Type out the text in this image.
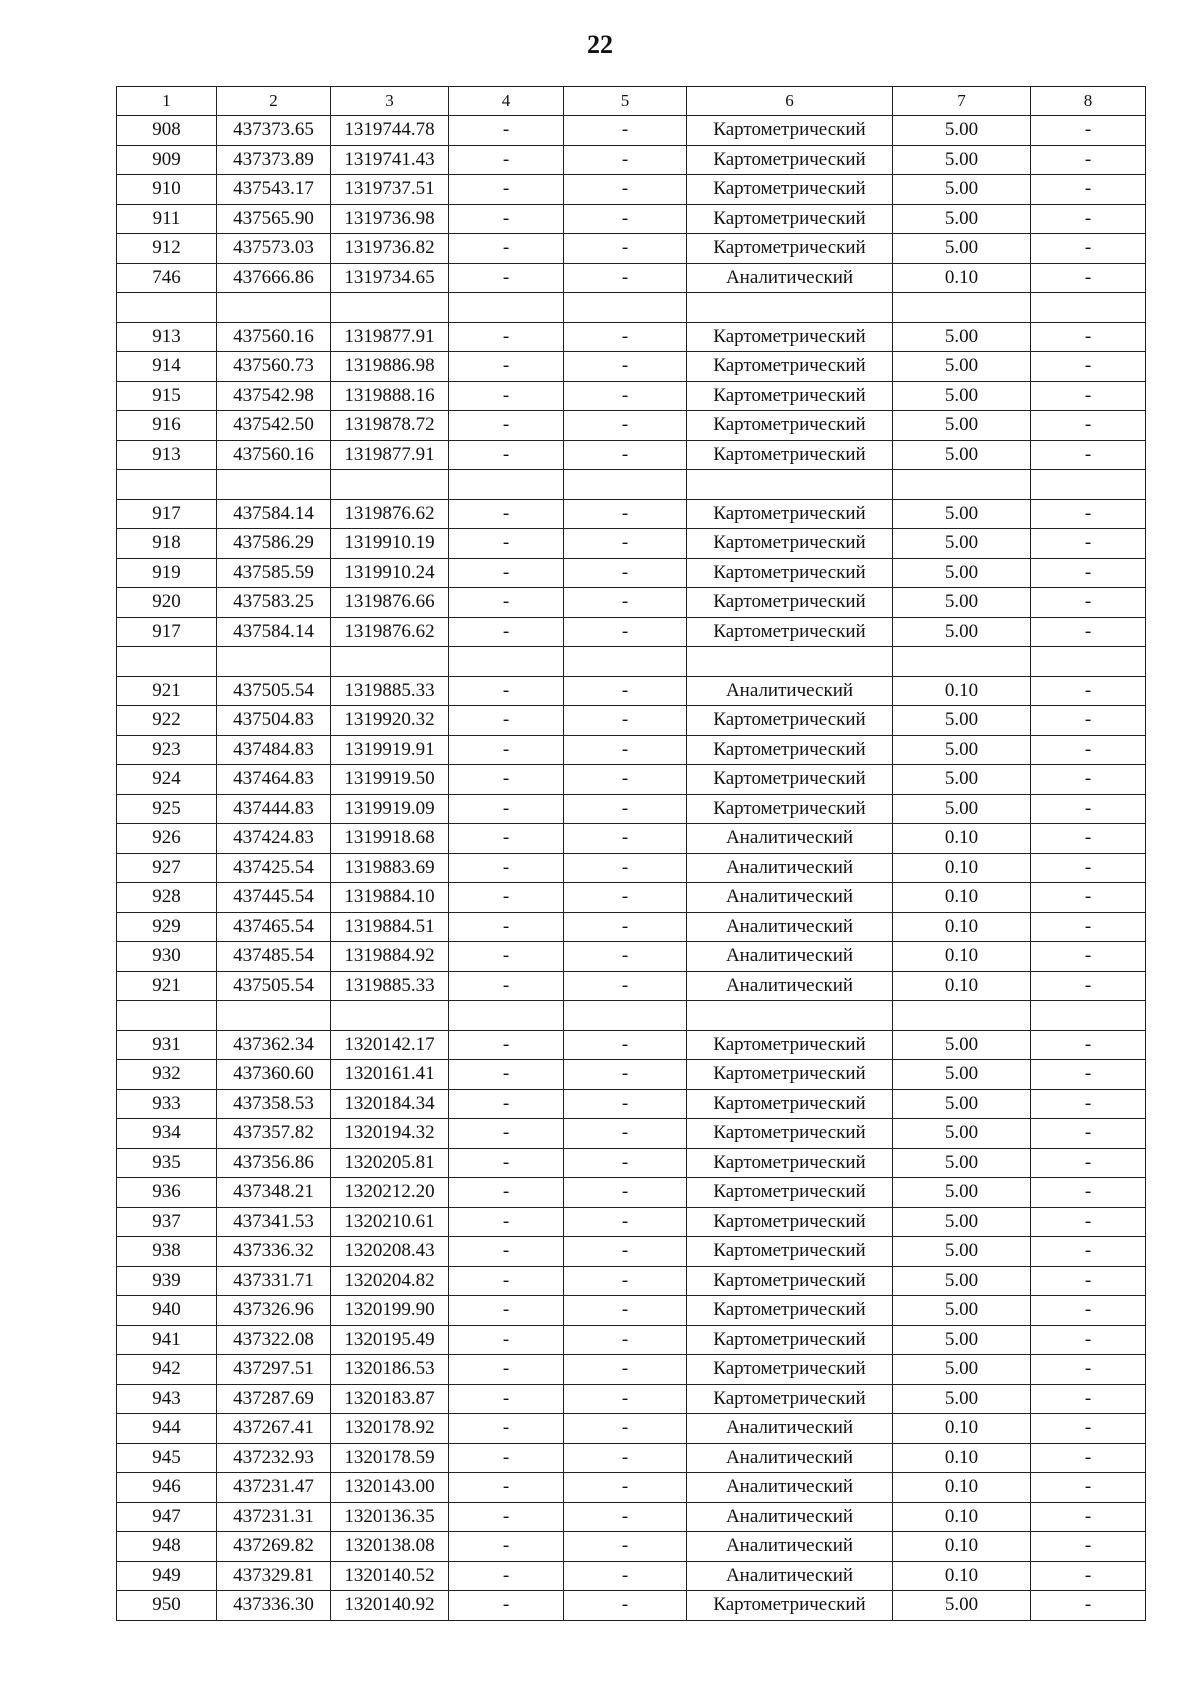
22
1	2	3	4	5	6	7	8
908	437373.65	1319744.78	-	-	Картометрический	5.00	-
909	437373.89	1319741.43	-	-	Картометрический	5.00	-
910	437543.17	1319737.51	-	-	Картометрический	5.00	-
911	437565.90	1319736.98	-	-	Картометрический	5.00	-
912	437573.03	1319736.82	-	-	Картометрический	5.00	-
746	437666.86	1319734.65	-	-	Аналитический	0.10	-

913	437560.16	1319877.91	-	-	Картометрический	5.00	-
914	437560.73	1319886.98	-	-	Картометрический	5.00	-
915	437542.98	1319888.16	-	-	Картометрический	5.00	-
916	437542.50	1319878.72	-	-	Картометрический	5.00	-
913	437560.16	1319877.91	-	-	Картометрический	5.00	-

917	437584.14	1319876.62	-	-	Картометрический	5.00	-
918	437586.29	1319910.19	-	-	Картометрический	5.00	-
919	437585.59	1319910.24	-	-	Картометрический	5.00	-
920	437583.25	1319876.66	-	-	Картометрический	5.00	-
917	437584.14	1319876.62	-	-	Картометрический	5.00	-

921	437505.54	1319885.33	-	-	Аналитический	0.10	-
922	437504.83	1319920.32	-	-	Картометрический	5.00	-
923	437484.83	1319919.91	-	-	Картометрический	5.00	-
924	437464.83	1319919.50	-	-	Картометрический	5.00	-
925	437444.83	1319919.09	-	-	Картометрический	5.00	-
926	437424.83	1319918.68	-	-	Аналитический	0.10	-
927	437425.54	1319883.69	-	-	Аналитический	0.10	-
928	437445.54	1319884.10	-	-	Аналитический	0.10	-
929	437465.54	1319884.51	-	-	Аналитический	0.10	-
930	437485.54	1319884.92	-	-	Аналитический	0.10	-
921	437505.54	1319885.33	-	-	Аналитический	0.10	-

931	437362.34	1320142.17	-	-	Картометрический	5.00	-
932	437360.60	1320161.41	-	-	Картометрический	5.00	-
933	437358.53	1320184.34	-	-	Картометрический	5.00	-
934	437357.82	1320194.32	-	-	Картометрический	5.00	-
935	437356.86	1320205.81	-	-	Картометрический	5.00	-
936	437348.21	1320212.20	-	-	Картометрический	5.00	-
937	437341.53	1320210.61	-	-	Картометрический	5.00	-
938	437336.32	1320208.43	-	-	Картометрический	5.00	-
939	437331.71	1320204.82	-	-	Картометрический	5.00	-
940	437326.96	1320199.90	-	-	Картометрический	5.00	-
941	437322.08	1320195.49	-	-	Картометрический	5.00	-
942	437297.51	1320186.53	-	-	Картометрический	5.00	-
943	437287.69	1320183.87	-	-	Картометрический	5.00	-
944	437267.41	1320178.92	-	-	Аналитический	0.10	-
945	437232.93	1320178.59	-	-	Аналитический	0.10	-
946	437231.47	1320143.00	-	-	Аналитический	0.10	-
947	437231.31	1320136.35	-	-	Аналитический	0.10	-
948	437269.82	1320138.08	-	-	Аналитический	0.10	-
949	437329.81	1320140.52	-	-	Аналитический	0.10	-
950	437336.30	1320140.92	-	-	Картометрический	5.00	-
